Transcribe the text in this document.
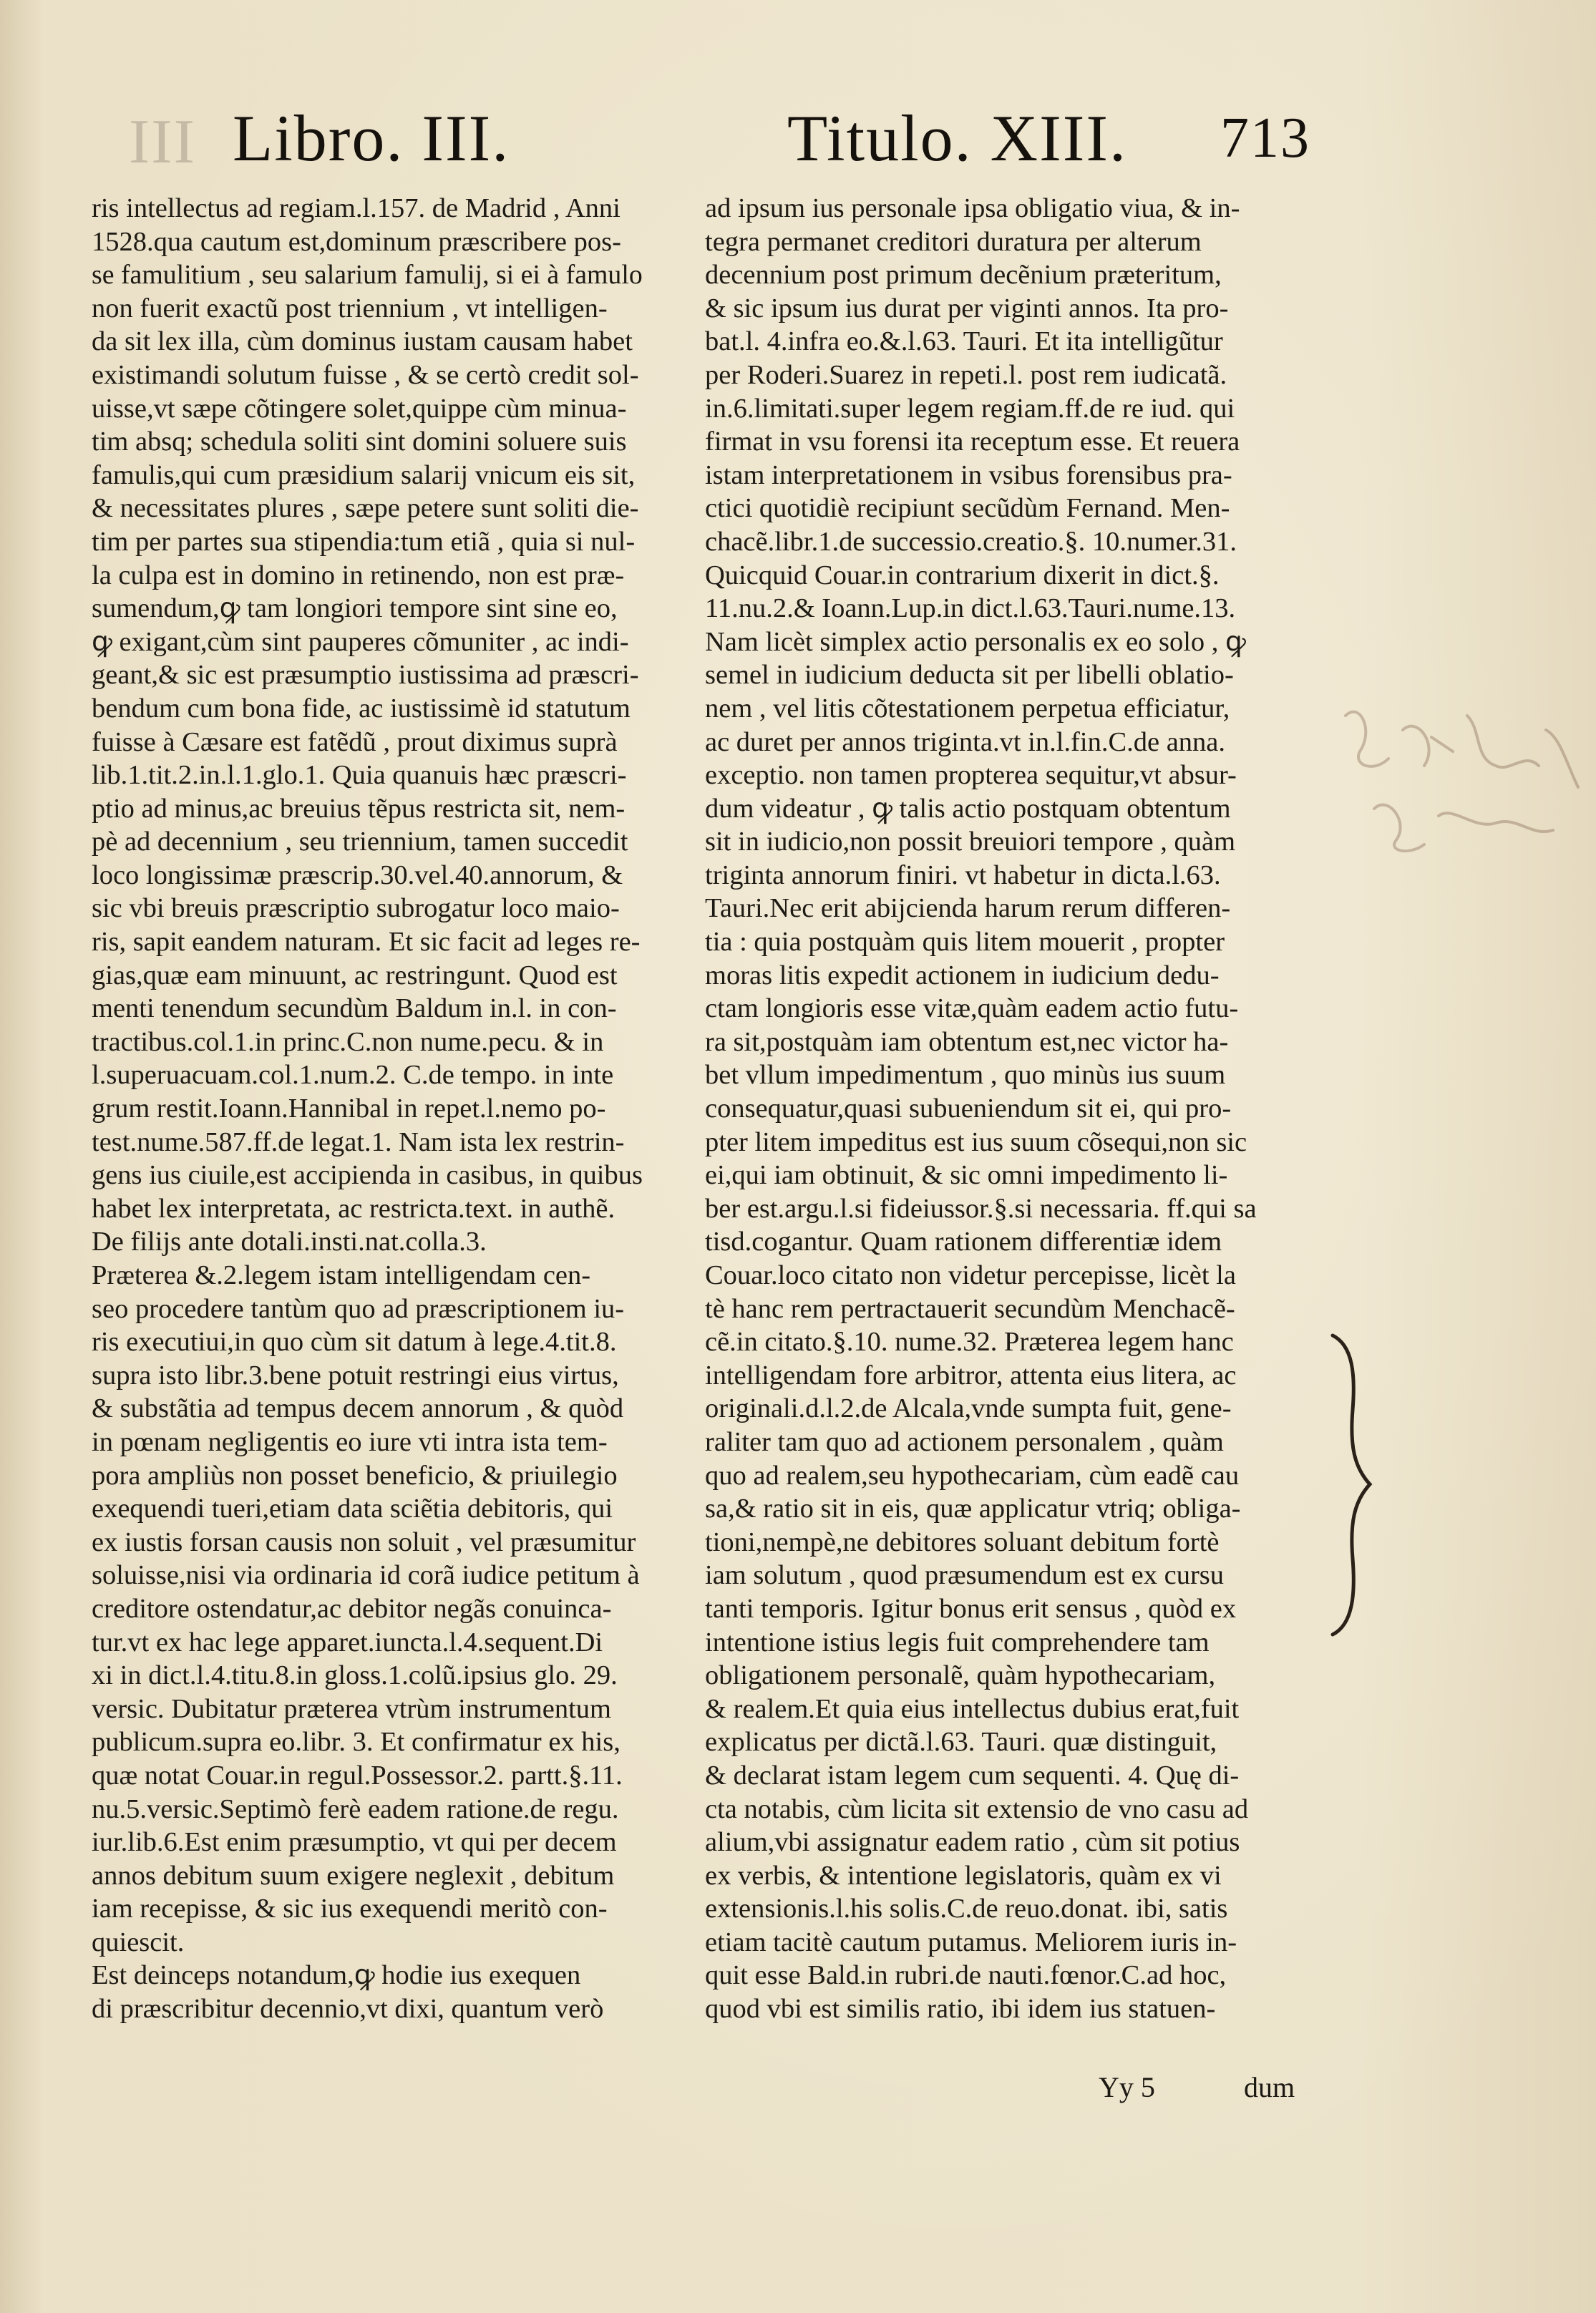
III Libro. III.	Titulo. XIII. 713
ris intellectus ad regiam.l.157. de Madrid , Anni
1528.qua cautum est,dominum præscribere pos-
se famulitium , seu salarium famulij, si ei à famulo
non fuerit exactũ post triennium , vt intelligen-
da sit lex illa, cùm dominus iustam causam habet
existimandi solutum fuisse , & se certò credit sol-
uisse,vt sæpe cõtingere solet,quippe cùm minua-
tim absq; schedula soliti sint domini soluere suis
famulis,qui cum præsidium salarij vnicum eis sit,
& necessitates plures , sæpe petere sunt soliti die-
tim per partes sua stipendia:tum etiã , quia si nul-
la culpa est in domino in retinendo, non est præ-
sumendum,ꝙ tam longiori tempore sint sine eo,
ꝙ exigant,cùm sint pauperes cõmuniter , ac indi-
geant,& sic est præsumptio iustissima ad præscri-
bendum cum bona fide, ac iustissimè id statutum
fuisse à Cæsare est fatẽdũ , prout diximus suprà
lib.1.tit.2.in.l.1.glo.1. Quia quanuis hæc præscri-
ptio ad minus,ac breuius tẽpus restricta sit, nem-
pè ad decennium , seu triennium, tamen succedit
loco longissimæ præscrip.30.vel.40.annorum, &
sic vbi breuis præscriptio subrogatur loco maio-
ris, sapit eandem naturam. Et sic facit ad leges re-
gias,quæ eam minuunt, ac restringunt. Quod est
menti tenendum secundùm Baldum in.l. in con-
tractibus.col.1.in princ.C.non nume.pecu. & in
l.superuacuam.col.1.num.2. C.de tempo. in inte
grum restit.Ioann.Hannibal in repet.l.nemo po-
test.nume.587.ff.de legat.1. Nam ista lex restrin-
gens ius ciuile,est accipienda in casibus, in quibus
habet lex interpretata, ac restricta.text. in authẽ.
De filijs ante dotali.insti.nat.colla.3.
Præterea &.2.legem istam intelligendam cen-
seo procedere tantùm quo ad præscriptionem iu-
ris executiui,in quo cùm sit datum à lege.4.tit.8.
supra isto libr.3.bene potuit restringi eius virtus,
& substãtia ad tempus decem annorum , & quòd
in pœnam negligentis eo iure vti intra ista tem-
pora ampliùs non posset beneficio, & priuilegio
exequendi tueri,etiam data sciẽtia debitoris, qui
ex iustis forsan causis non soluit , vel præsumitur
soluisse,nisi via ordinaria id corã iudice petitum à
creditore ostendatur,ac debitor negãs conuinca-
tur.vt ex hac lege apparet.iuncta.l.4.sequent.Di
xi in dict.l.4.titu.8.in gloss.1.colũ.ipsius glo. 29.
versic. Dubitatur præterea vtrùm instrumentum
publicum.supra eo.libr. 3. Et confirmatur ex his,
quæ notat Couar.in regul.Possessor.2. partt.§.11.
nu.5.versic.Septimò ferè eadem ratione.de regu.
iur.lib.6.Est enim præsumptio, vt qui per decem
annos debitum suum exigere neglexit , debitum
iam recepisse, & sic ius exequendi meritò con-
quiescit.
Est deinceps notandum,ꝙ hodie ius exequen
di præscribitur decennio,vt dixi, quantum verò
ad ipsum ius personale ipsa obligatio viua, & in-
tegra permanet creditori duratura per alterum
decennium post primum decẽnium præteritum,
& sic ipsum ius durat per viginti annos. Ita pro-
bat.l. 4.infra eo.&.l.63. Tauri. Et ita intelligũtur
per Roderi.Suarez in repeti.l. post rem iudicatã.
in.6.limitati.super legem regiam.ff.de re iud. qui
firmat in vsu forensi ita receptum esse. Et reuera
istam interpretationem in vsibus forensibus pra-
ctici quotidiè recipiunt secũdùm Fernand. Men-
chacẽ.libr.1.de successio.creatio.§. 10.numer.31.
Quicquid Couar.in contrarium dixerit in dict.§.
11.nu.2.& Ioann.Lup.in dict.l.63.Tauri.nume.13.
Nam licèt simplex actio personalis ex eo solo , ꝙ
semel in iudicium deducta sit per libelli oblatio-
nem , vel litis cõtestationem perpetua efficiatur,
ac duret per annos triginta.vt in.l.fin.C.de anna.
exceptio. non tamen propterea sequitur,vt absur-
dum videatur , ꝙ talis actio postquam obtentum
sit in iudicio,non possit breuiori tempore , quàm
triginta annorum finiri. vt habetur in dicta.l.63.
Tauri.Nec erit abijcienda harum rerum differen-
tia : quia postquàm quis litem mouerit , propter
moras litis expedit actionem in iudicium dedu-
ctam longioris esse vitæ,quàm eadem actio futu-
ra sit,postquàm iam obtentum est,nec victor ha-
bet vllum impedimentum , quo minùs ius suum
consequatur,quasi subueniendum sit ei, qui pro-
pter litem impeditus est ius suum cõsequi,non sic
ei,qui iam obtinuit, & sic omni impedimento li-
ber est.argu.l.si fideiussor.§.si necessaria. ff.qui sa
tisd.cogantur. Quam rationem differentiæ idem
Couar.loco citato non videtur percepisse, licèt la
tè hanc rem pertractauerit secundùm Menchacẽ-
cẽ.in citato.§.10. nume.32. Præterea legem hanc
intelligendam fore arbitror, attenta eius litera, ac
originali.d.l.2.de Alcala,vnde sumpta fuit, gene-
raliter tam quo ad actionem personalem , quàm
quo ad realem,seu hypothecariam, cùm eadẽ cau
sa,& ratio sit in eis, quæ applicatur vtriq; obliga-
tioni,nempè,ne debitores soluant debitum fortè
iam solutum , quod præsumendum est ex cursu
tanti temporis. Igitur bonus erit sensus , quòd ex
intentione istius legis fuit comprehendere tam
obligationem personalẽ, quàm hypothecariam,
& realem.Et quia eius intellectus dubius erat,fuit
explicatus per dictã.l.63. Tauri. quæ distinguit,
& declarat istam legem cum sequenti. 4. Quę di-
cta notabis, cùm licita sit extensio de vno casu ad
alium,vbi assignatur eadem ratio , cùm sit potius
ex verbis, & intentione legislatoris, quàm ex vi
extensionis.l.his solis.C.de reuo.donat. ibi, satis
etiam tacitè cautum putamus. Meliorem iuris in-
quit esse Bald.in rubri.de nauti.fœnor.C.ad hoc,
quod vbi est similis ratio, ibi idem ius statuen-
Yy 5	dum
